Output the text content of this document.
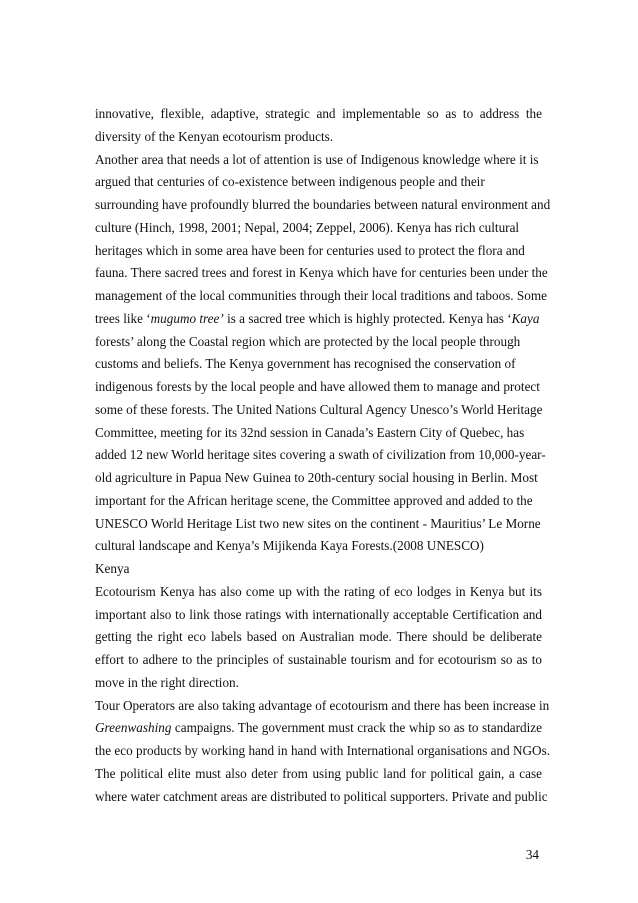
innovative, flexible, adaptive, strategic and implementable so as to address the
diversity of the Kenyan ecotourism products.
Another area that needs a lot of attention is use of Indigenous knowledge where it is
argued that centuries of co-existence between indigenous people and their
surrounding have profoundly blurred the boundaries between natural environment and
culture (Hinch, 1998, 2001; Nepal, 2004; Zeppel, 2006). Kenya has rich cultural
heritages which in some area have been for centuries used to protect the flora and
fauna. There sacred trees and forest in Kenya which have for centuries been under the
management of the local communities through their local traditions and taboos. Some
trees like ‘mugumo tree’ is a sacred tree which is highly protected. Kenya has ‘Kaya
forests’ along the Coastal region which are protected by the local people through
customs and beliefs. The Kenya government has recognised the conservation of
indigenous forests by the local people and have allowed them to manage and protect
some of these forests. The United Nations Cultural Agency Unesco’s World Heritage
Committee, meeting for its 32nd session in Canada’s Eastern City of Quebec, has
added 12 new World heritage sites covering a swath of civilization from 10,000-year-
old agriculture in Papua New Guinea to 20th-century social housing in Berlin. Most
important for the African heritage scene, the Committee approved and added to the
UNESCO World Heritage List two new sites on the continent - Mauritius’ Le Morne
cultural landscape and Kenya’s Mijikenda Kaya Forests.(2008 UNESCO)
Kenya
Ecotourism Kenya has also come up with the rating of eco lodges in Kenya but its
important also to link those ratings with internationally acceptable Certification and
getting the right eco labels based on Australian mode. There should be deliberate
effort to adhere to the principles of sustainable tourism and for ecotourism so as to
move in the right direction.
Tour Operators are also taking advantage of ecotourism and there has been increase in
Greenwashing campaigns. The government must crack the whip so as to standardize
the eco products by working hand in hand with International organisations and NGOs.
The political elite must also deter from using public land for political gain, a case
where water catchment areas are distributed to political supporters. Private and public
34
